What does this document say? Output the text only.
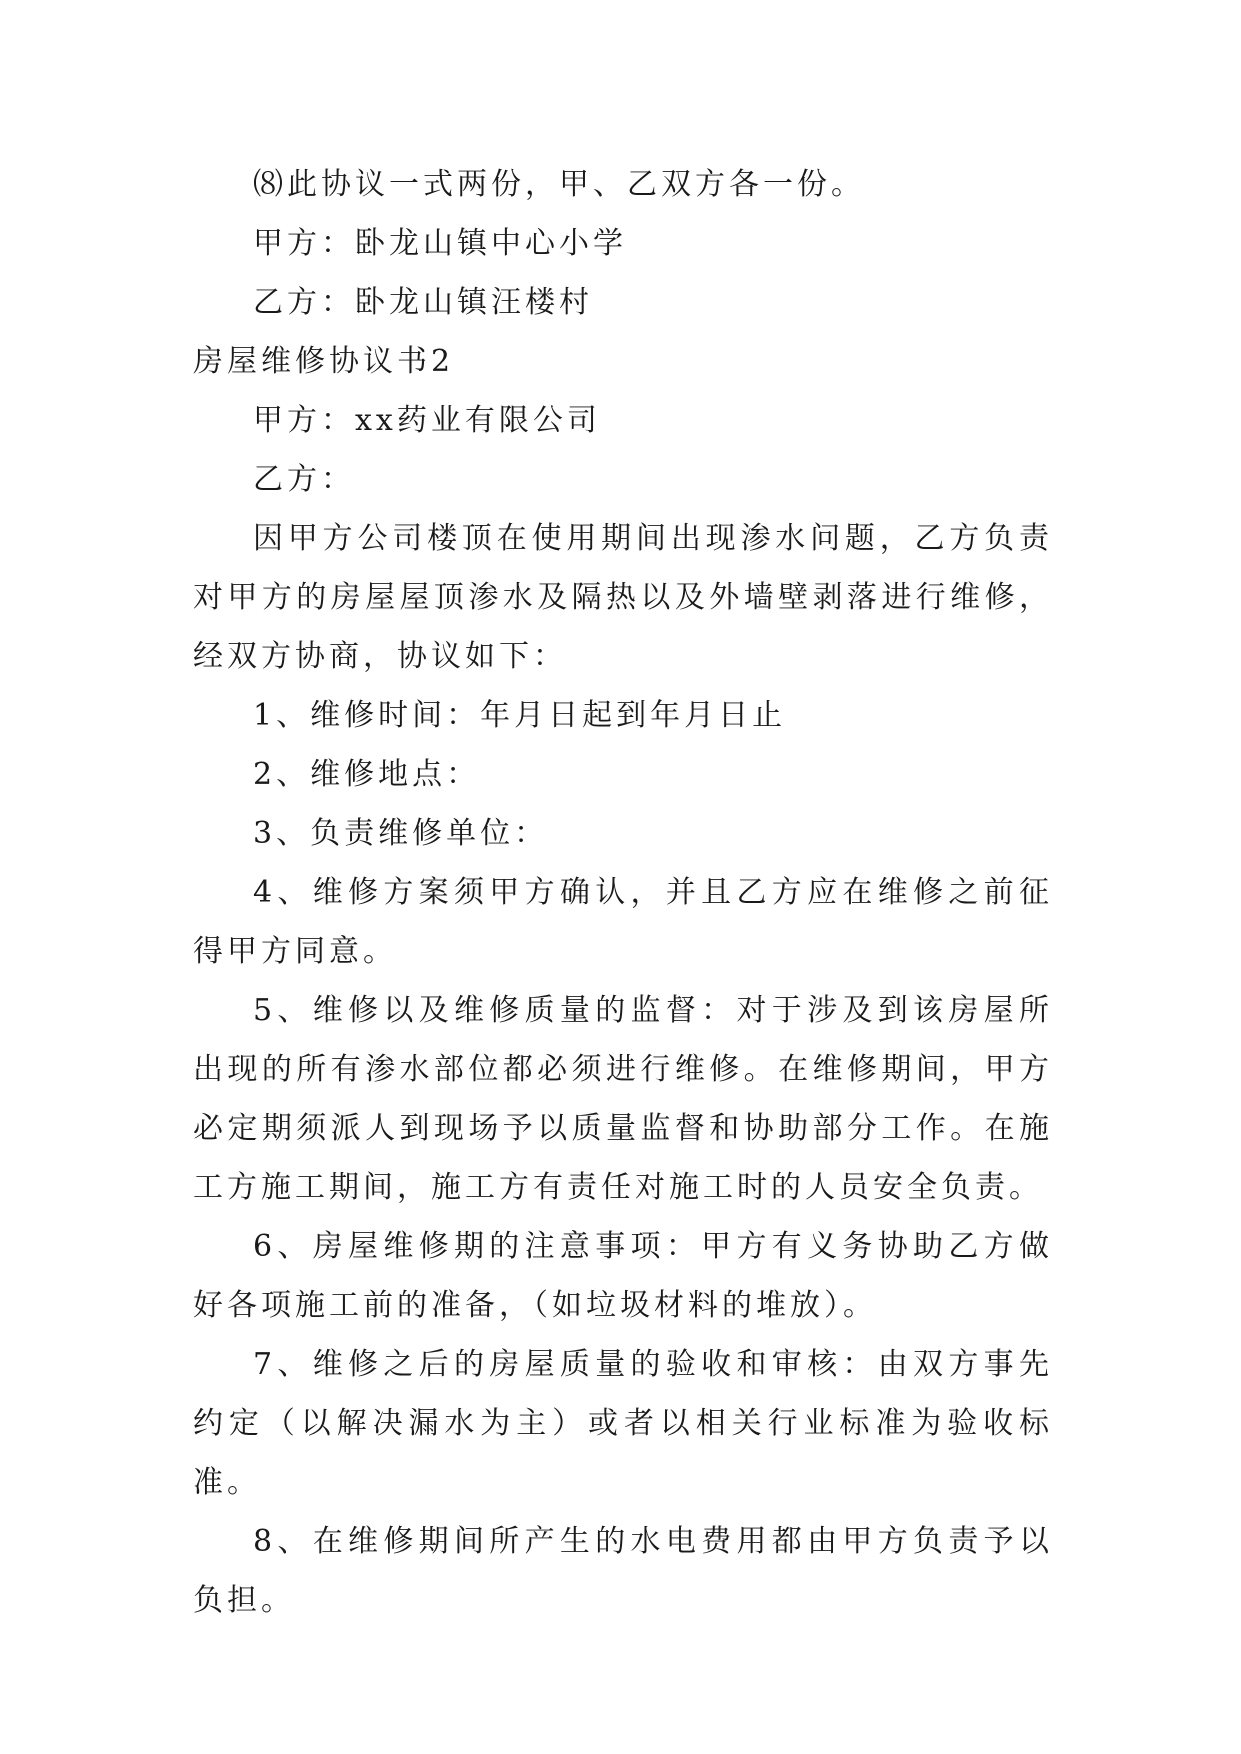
⑻此协议一式两份，甲、乙双方各一份。

甲方：卧龙山镇中心小学

乙方：卧龙山镇汪楼村

房屋维修协议书2

甲方：xx药业有限公司

乙方：

因甲方公司楼顶在使用期间出现渗水问题，乙方负责对甲方的房屋屋顶渗水及隔热以及外墙壁剥落进行维修，经双方协商，协议如下：

1、维修时间：年月日起到年月日止

2、维修地点：

3、负责维修单位：

4、维修方案须甲方确认，并且乙方应在维修之前征得甲方同意。

5、维修以及维修质量的监督：对于涉及到该房屋所出现的所有渗水部位都必须进行维修。在维修期间，甲方必定期须派人到现场予以质量监督和协助部分工作。在施工方施工期间，施工方有责任对施工时的人员安全负责。

6、房屋维修期的注意事项：甲方有义务协助乙方做好各项施工前的准备，（如垃圾材料的堆放）。

7、维修之后的房屋质量的验收和审核：由双方事先约定（以解决漏水为主）或者以相关行业标准为验收标准。

8、在维修期间所产生的水电费用都由甲方负责予以负担。
